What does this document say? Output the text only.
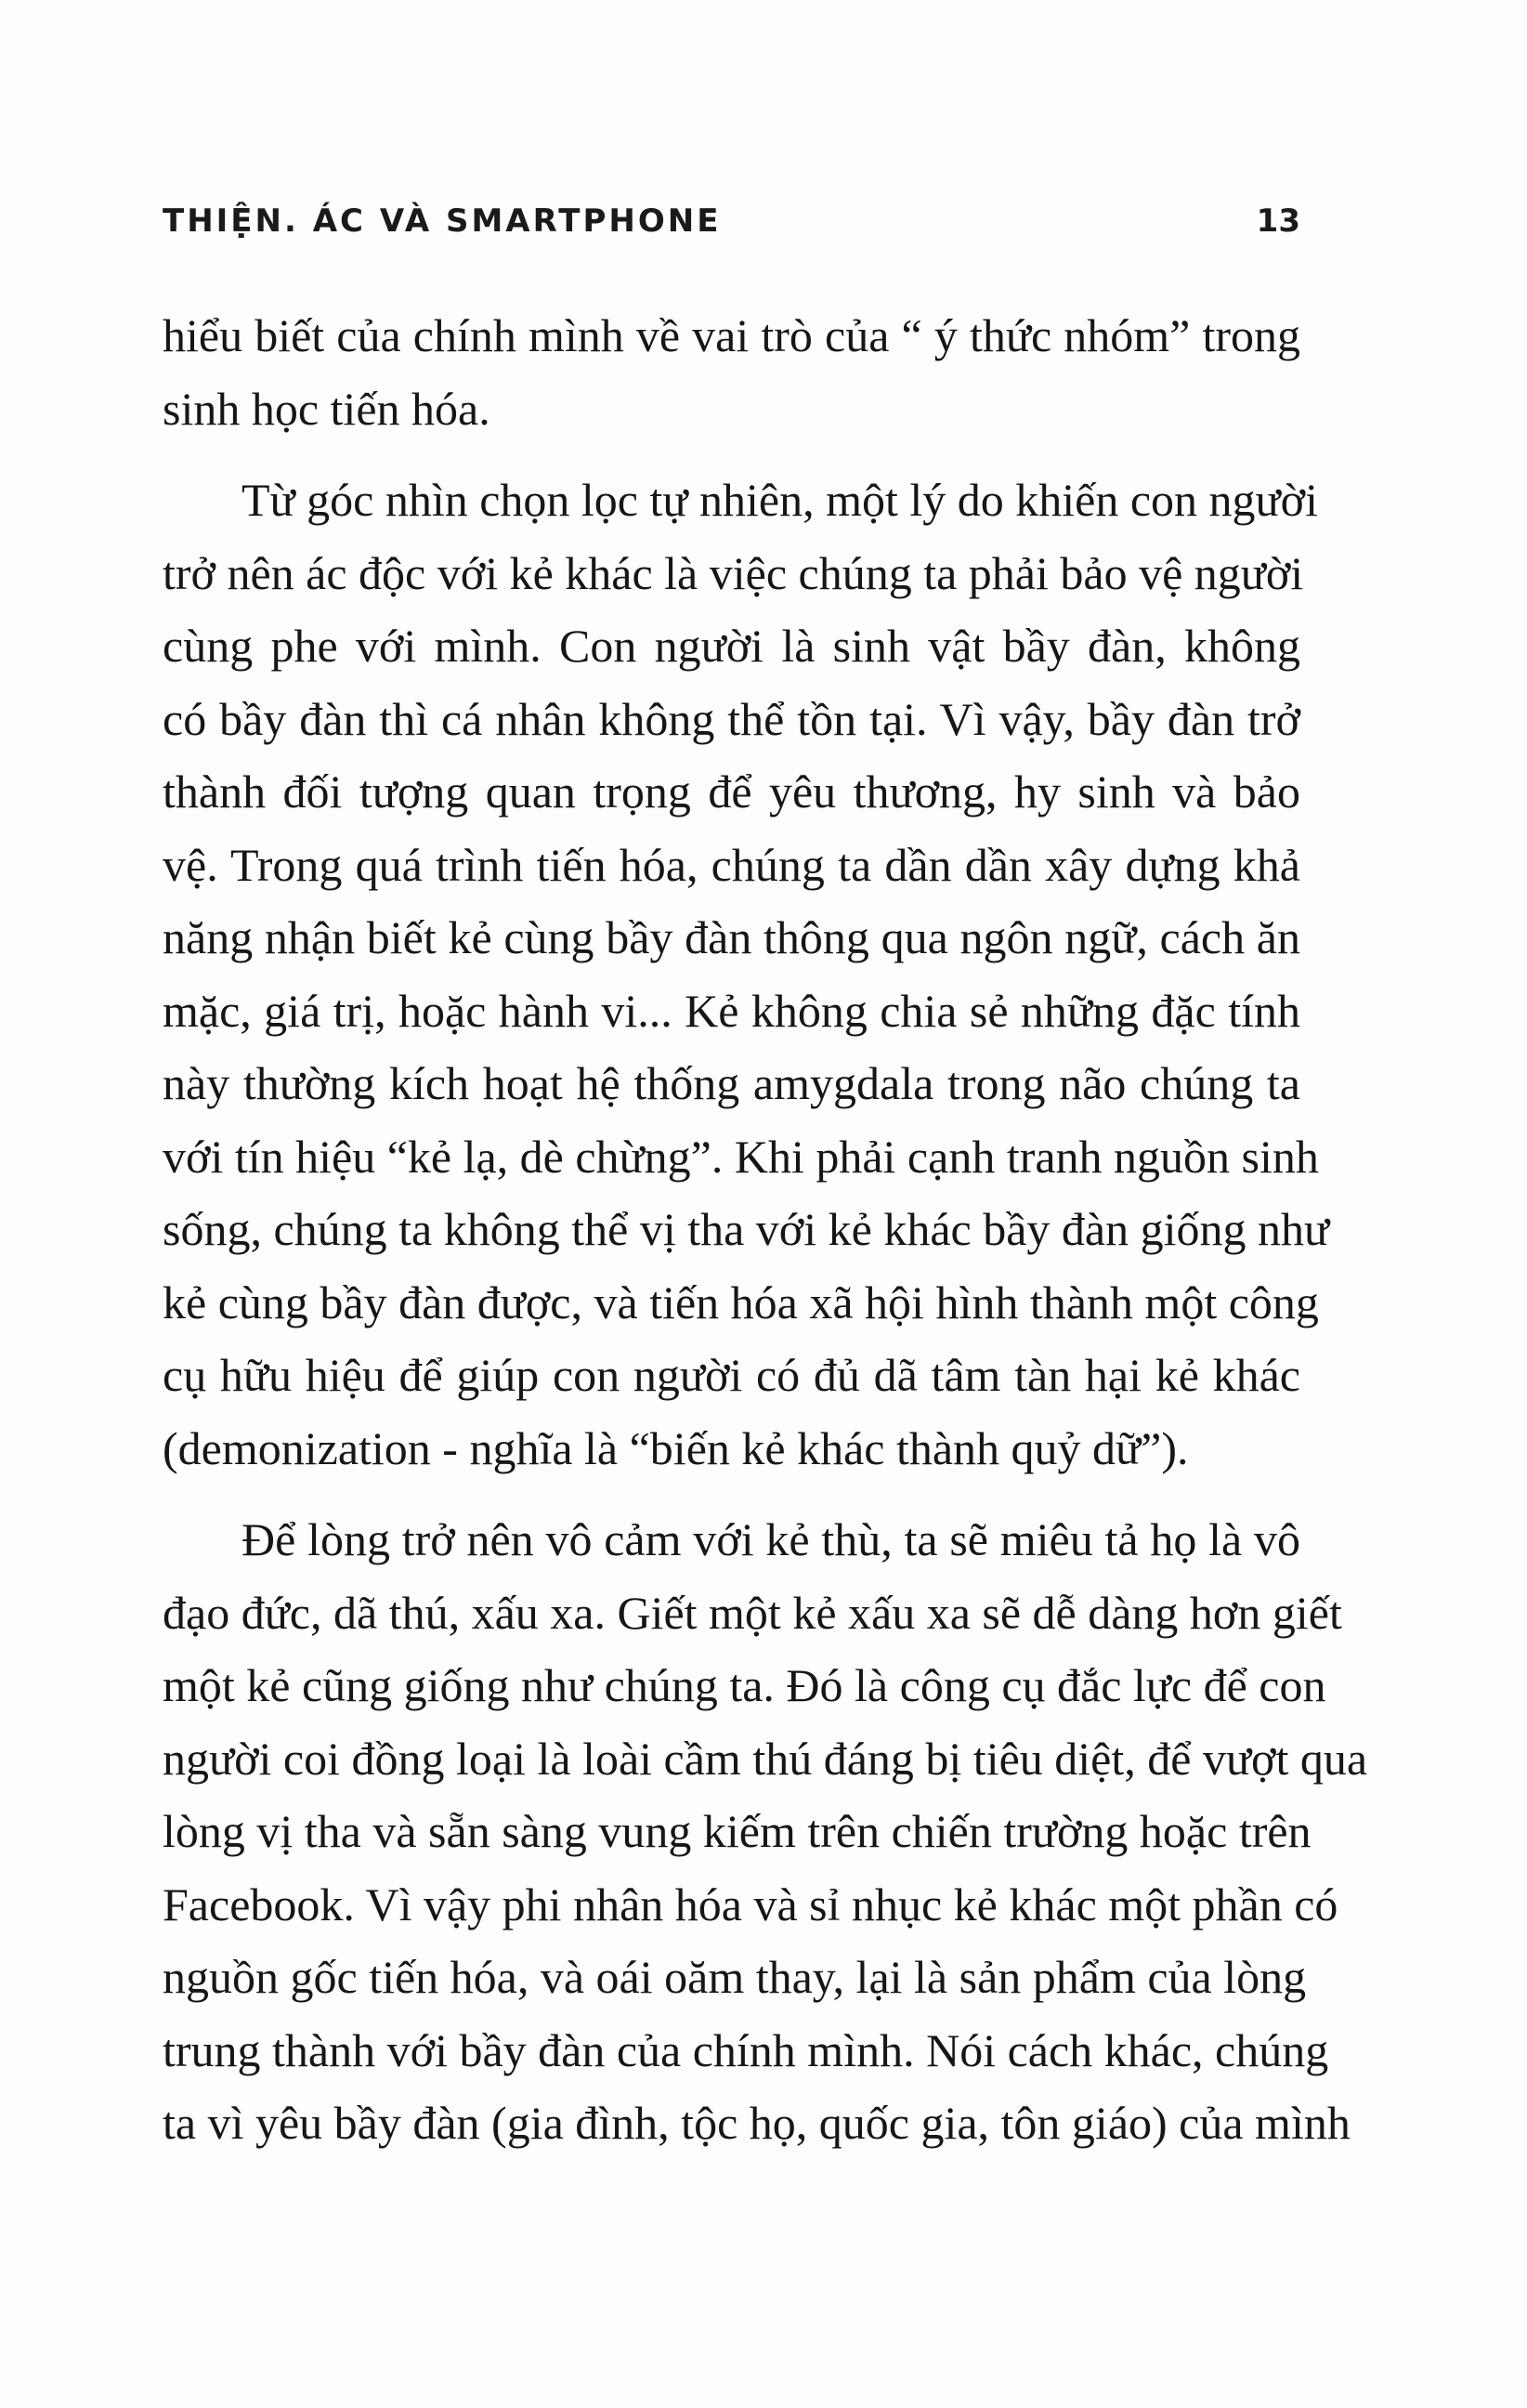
THIỆN. ÁC VÀ SMARTPHONE	13
hiểu biết của chính mình về vai trò của “ ý thức nhóm” trong
sinh học tiến hóa.
Từ góc nhìn chọn lọc tự nhiên, một lý do khiến con người
trở nên ác độc với kẻ khác là việc chúng ta phải bảo vệ người
cùng phe với mình. Con người là sinh vật bầy đàn, không
có bầy đàn thì cá nhân không thể tồn tại. Vì vậy, bầy đàn trở
thành đối tượng quan trọng để yêu thương, hy sinh và bảo
vệ. Trong quá trình tiến hóa, chúng ta dần dần xây dựng khả
năng nhận biết kẻ cùng bầy đàn thông qua ngôn ngữ, cách ăn
mặc, giá trị, hoặc hành vi... Kẻ không chia sẻ những đặc tính
này thường kích hoạt hệ thống amygdala trong não chúng ta
với tín hiệu “kẻ lạ, dè chừng”. Khi phải cạnh tranh nguồn sinh
sống, chúng ta không thể vị tha với kẻ khác bầy đàn giống như
kẻ cùng bầy đàn được, và tiến hóa xã hội hình thành một công
cụ hữu hiệu để giúp con người có đủ dã tâm tàn hại kẻ khác
(demonization - nghĩa là “biến kẻ khác thành quỷ dữ”).
Để lòng trở nên vô cảm với kẻ thù, ta sẽ miêu tả họ là vô
đạo đức, dã thú, xấu xa. Giết một kẻ xấu xa sẽ dễ dàng hơn giết
một kẻ cũng giống như chúng ta. Đó là công cụ đắc lực để con
người coi đồng loại là loài cầm thú đáng bị tiêu diệt, để vượt qua
lòng vị tha và sẵn sàng vung kiếm trên chiến trường hoặc trên
Facebook. Vì vậy phi nhân hóa và sỉ nhục kẻ khác một phần có
nguồn gốc tiến hóa, và oái oăm thay, lại là sản phẩm của lòng
trung thành với bầy đàn của chính mình. Nói cách khác, chúng
ta vì yêu bầy đàn (gia đình, tộc họ, quốc gia, tôn giáo) của mình
